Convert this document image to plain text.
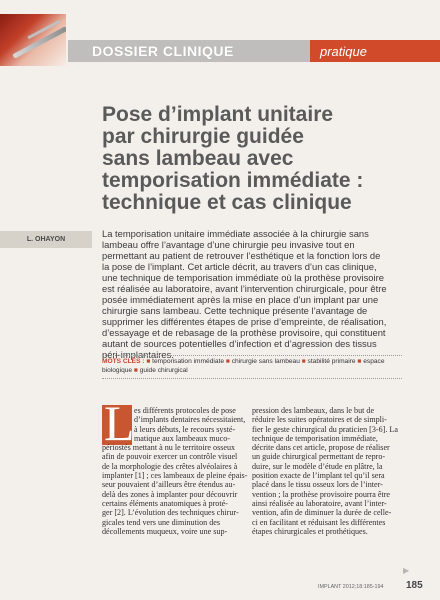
DOSSIER CLINIQUE	pratique
Pose d’implant unitaire
par chirurgie guidée
sans lambeau avec
temporisation immédiate :
technique et cas clinique
L. OHAYON
La temporisation unitaire immédiate associée à la chirurgie sans
lambeau offre l’avantage d’une chirurgie peu invasive tout en
permettant au patient de retrouver l’esthétique et la fonction lors de
la pose de l’implant. Cet article décrit, au travers d’un cas clinique,
une technique de temporisation immédiate où la prothèse provisoire
est réalisée au laboratoire, avant l’intervention chirurgicale, pour être
posée immédiatement après la mise en place d’un implant par une
chirurgie sans lambeau. Cette technique présente l’avantage de
supprimer les différentes étapes de prise d’empreinte, de réalisation,
d’essayage et de rebasage de la prothèse provisoire, qui constituent
autant de sources potentielles d’infection et d’agression des tissus
péri-implantaires.
MOTS CLÉS : ■ temporisation immédiate ■ chirurgie sans lambeau ■ stabilité primaire ■ espace
biologique ■ guide chirurgical
L es différents protocoles de pose
d’implants dentaires nécessitaient,
à leurs débuts, le recours systé-
matique aux lambeaux muco-
périostés mettant à nu le territoire osseux
afin de pouvoir exercer un contrôle visuel
de la morphologie des crêtes alvéolaires à
implanter [1] ; ces lambeaux de pleine épais-
seur pouvaient d’ailleurs être étendus au-
delà des zones à implanter pour découvrir
certains éléments anatomiques à proté-
ger [2]. L’évolution des techniques chirur-
gicales tend vers une diminution des
décollements muqueux, voire une sup-
pression des lambeaux, dans le but de
réduire les suites opératoires et de simpli-
fier le geste chirurgical du praticien [3-6]. La
technique de temporisation immédiate,
décrite dans cet article, propose de réaliser
un guide chirurgical permettant de repro-
duire, sur le modèle d’étude en plâtre, la
position exacte de l’implant tel qu’il sera
placé dans le tissu osseux lors de l’inter-
vention ; la prothèse provisoire pourra être
ainsi réalisée au laboratoire, avant l’inter-
vention, afin de diminuer la durée de celle-
ci en facilitant et réduisant les différentes
étapes chirurgicales et prothétiques.
▶
IMPLANT 2012;18:185-194 185
